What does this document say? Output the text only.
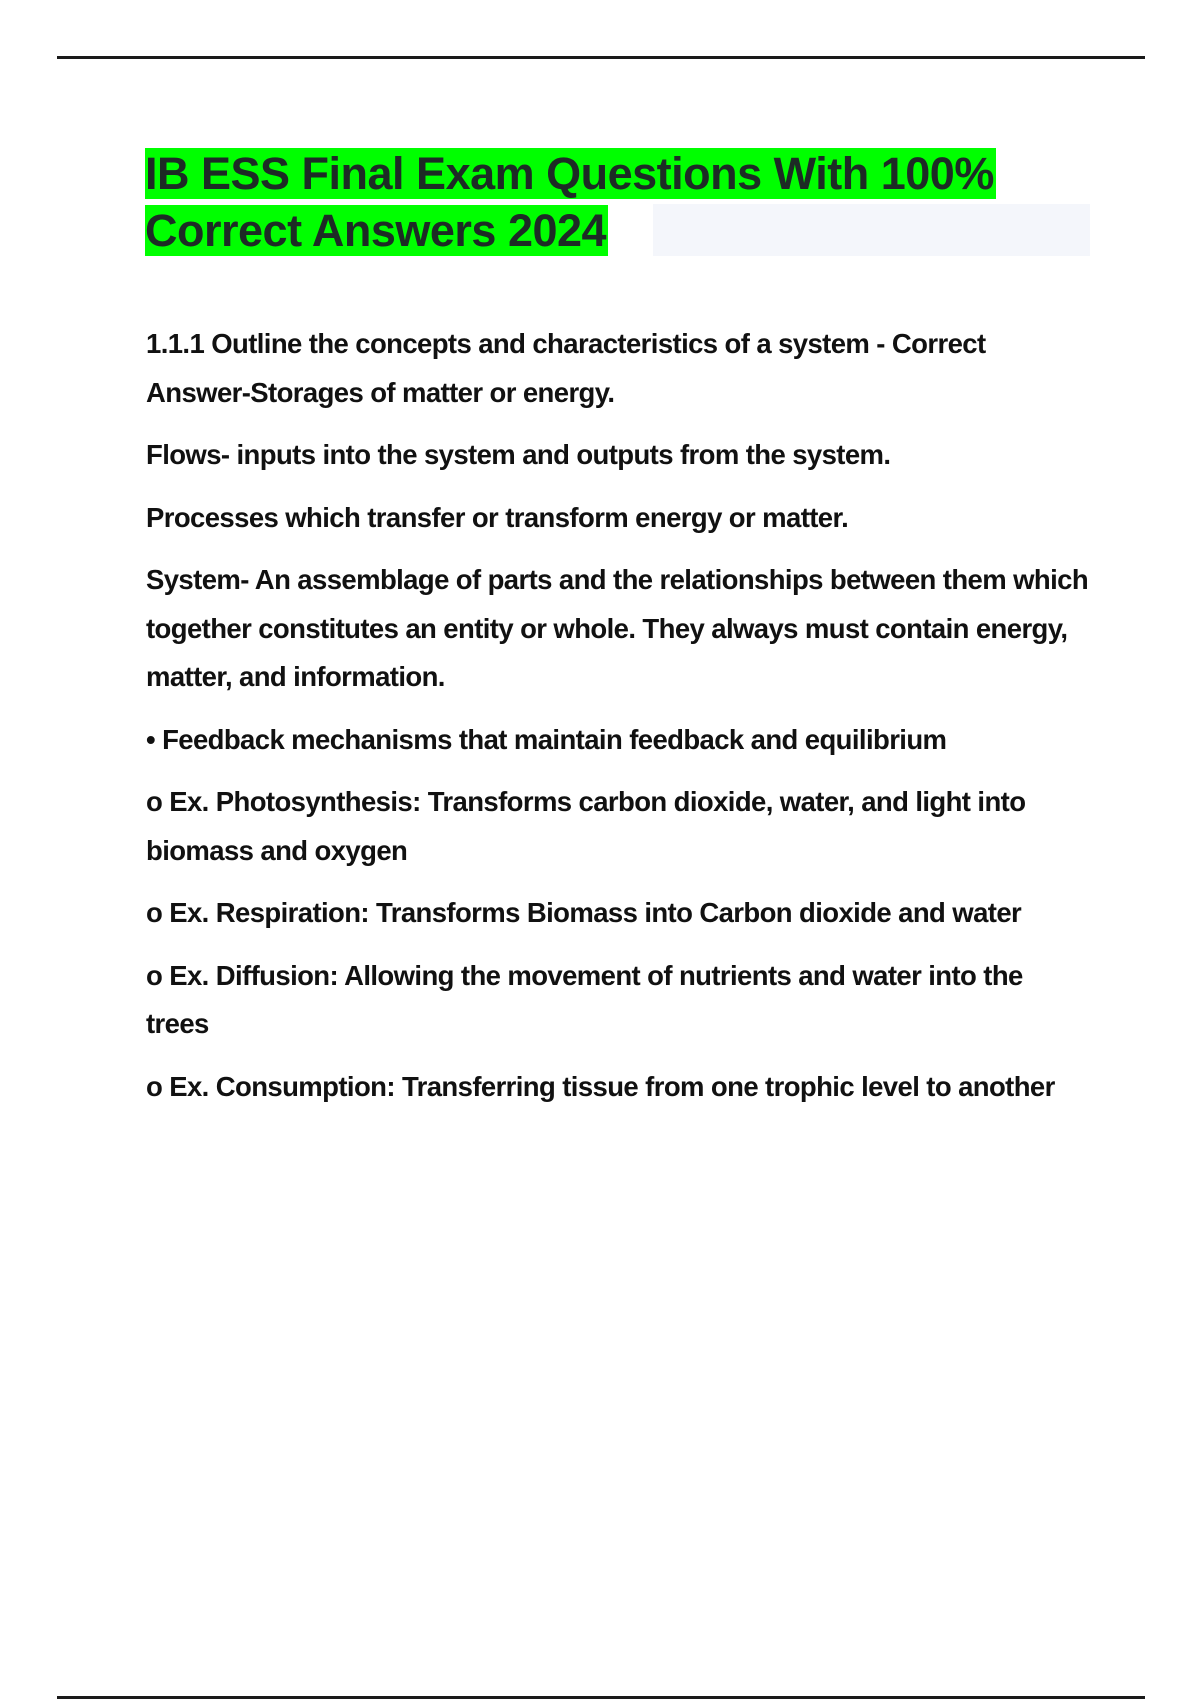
IB ESS Final Exam Questions With 100% Correct Answers 2024

1.1.1 Outline the concepts and characteristics of a system - Correct Answer-Storages of matter or energy.

Flows- inputs into the system and outputs from the system.

Processes which transfer or transform energy or matter.

System- An assemblage of parts and the relationships between them which together constitutes an entity or whole. They always must contain energy, matter, and information.

• Feedback mechanisms that maintain feedback and equilibrium

o Ex. Photosynthesis: Transforms carbon dioxide, water, and light into biomass and oxygen

o Ex. Respiration: Transforms Biomass into Carbon dioxide and water

o Ex. Diffusion: Allowing the movement of nutrients and water into the trees

o Ex. Consumption: Transferring tissue from one trophic level to another
